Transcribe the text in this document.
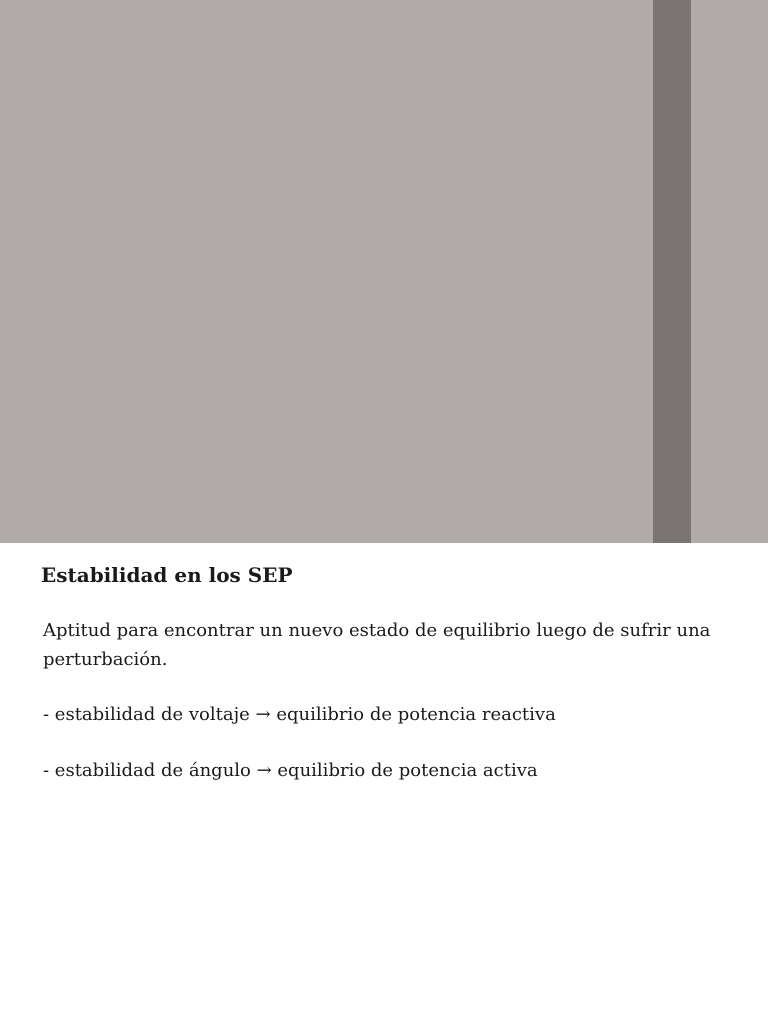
Estabilidad en los SEP
Aptitud para encontrar un nuevo estado de equilibrio luego de sufrir una perturbación.
- estabilidad de voltaje → equilibrio de potencia reactiva
- estabilidad de ángulo → equilibrio de potencia activa
